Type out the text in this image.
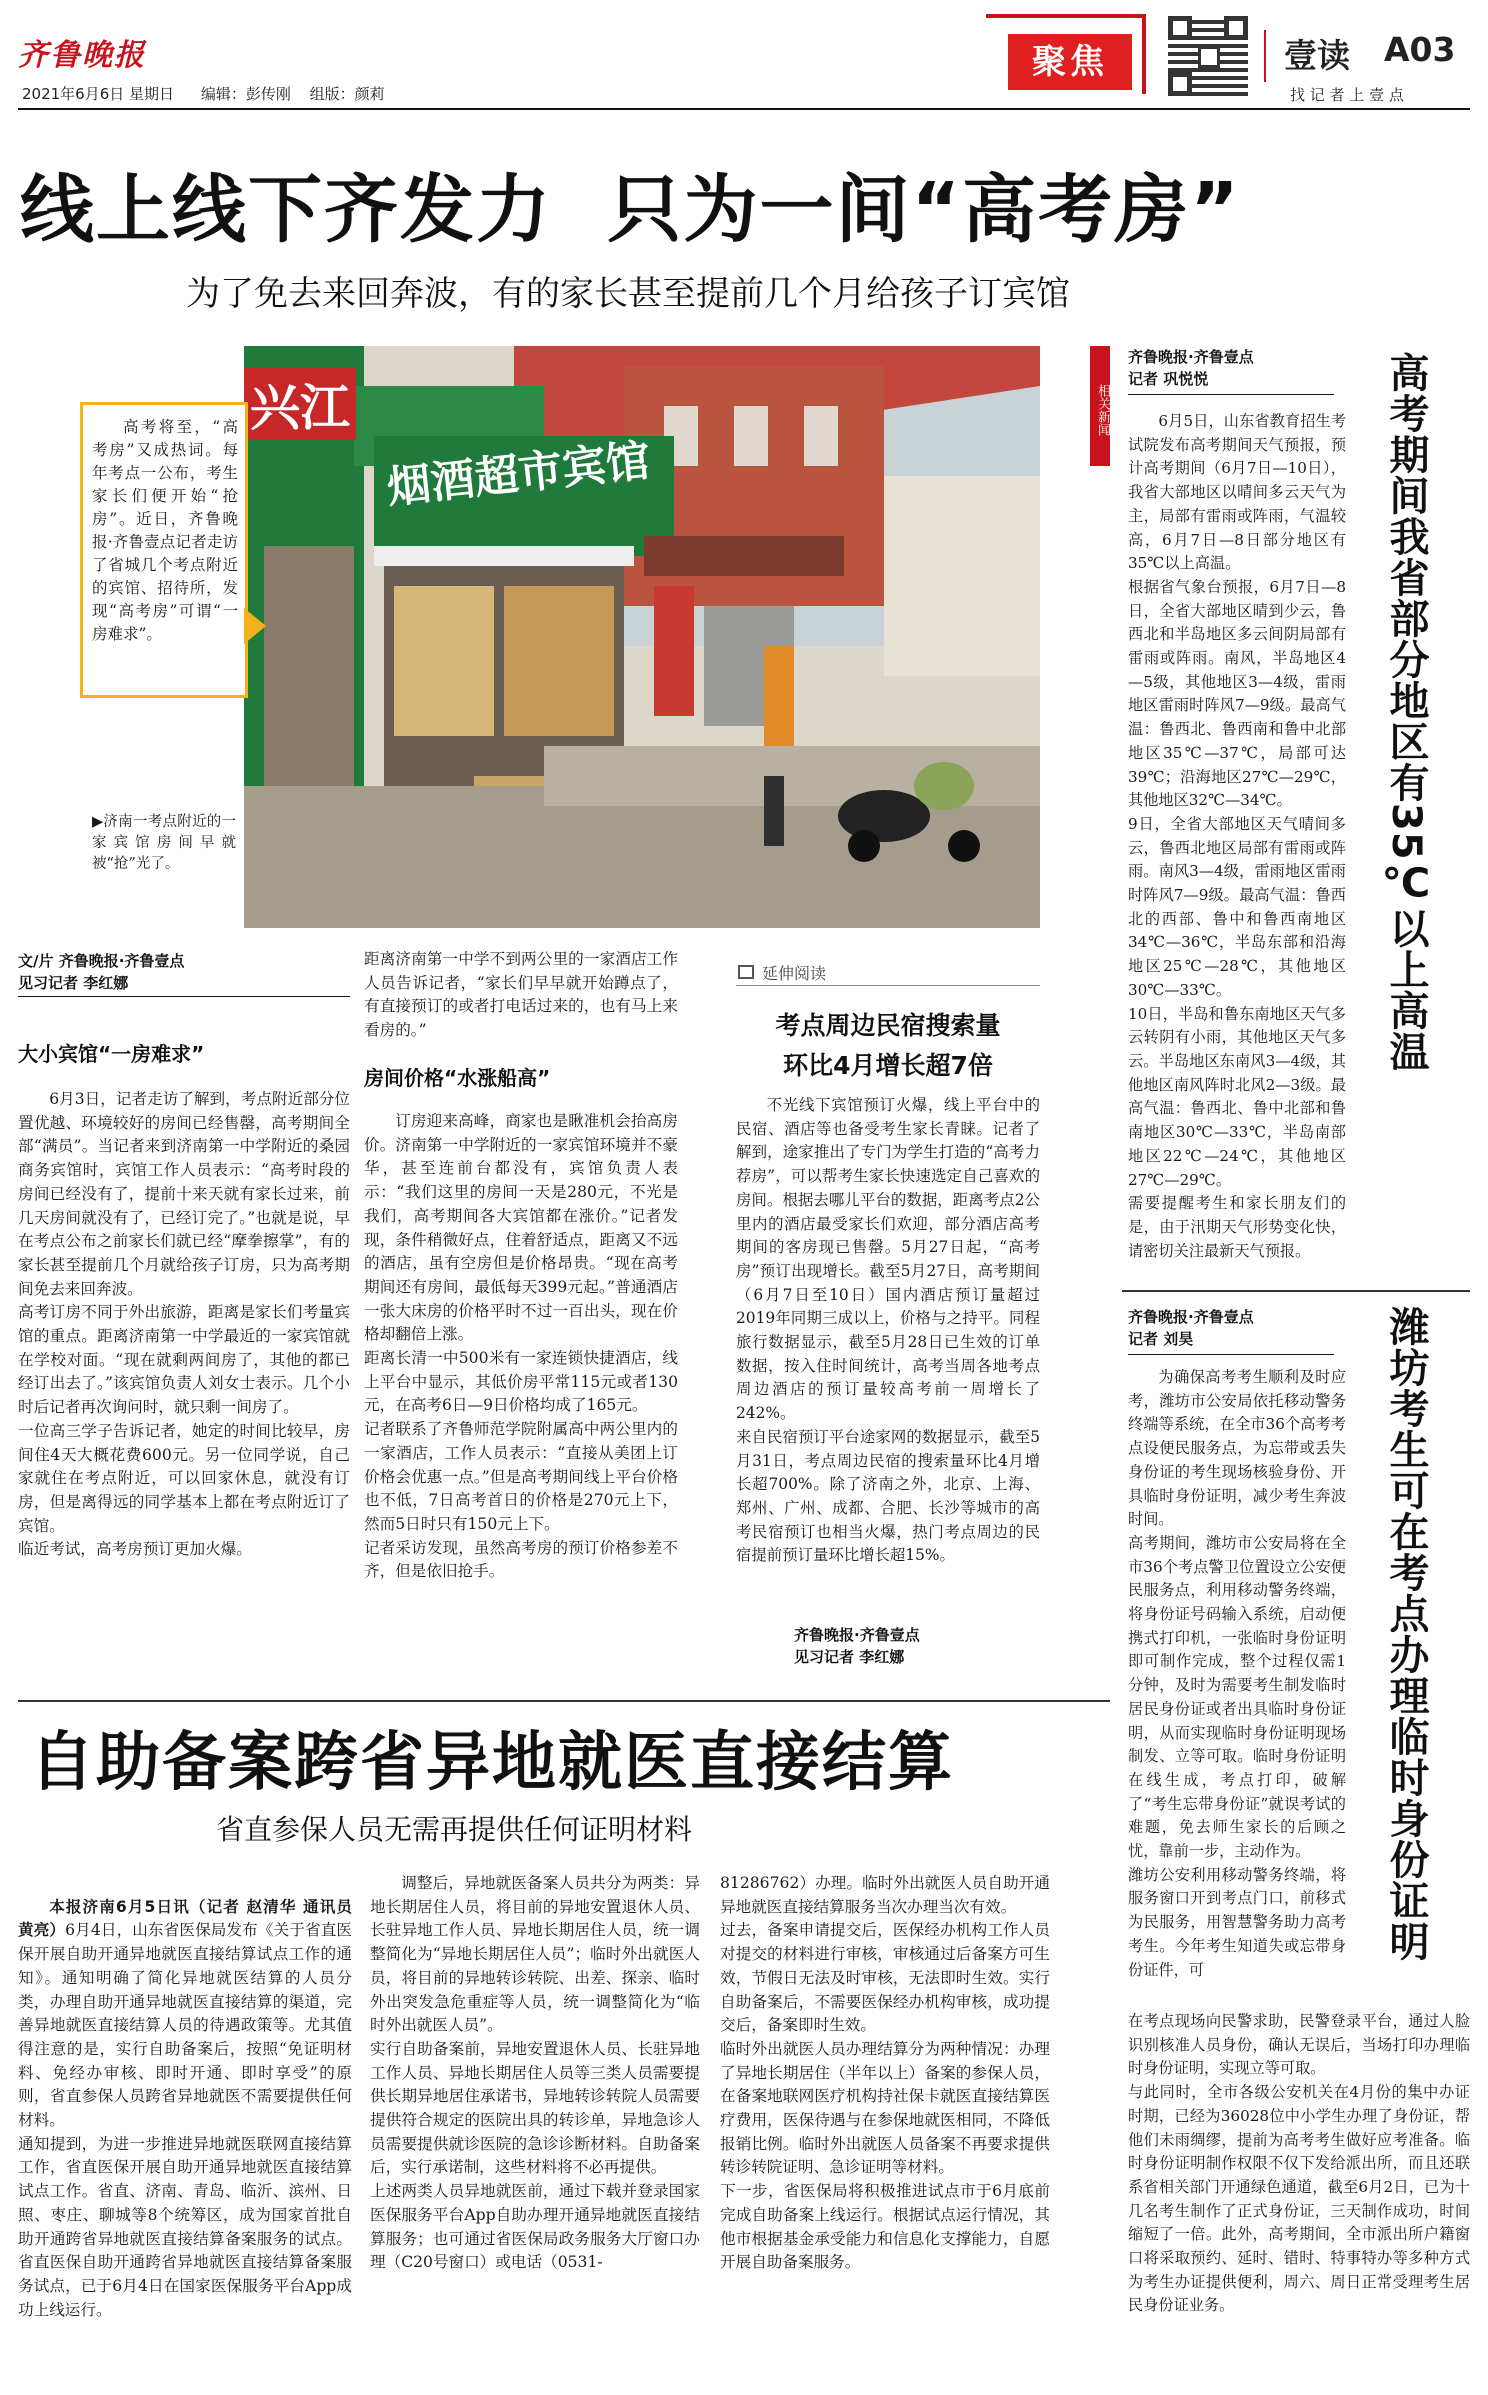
齐鲁晚报
2021年6月6日 星期日 编辑：彭传刚 组版：颜莉
聚焦	壹读 A03
找 记 者 上 壹 点
线上线下齐发力  只为一间“高考房”
为了免去来回奔波，有的家长甚至提前几个月给孩子订宾馆
烟酒超市宾馆
兴江
高考将至，“高考房”又成热词。每年考点一公布，考生家长们便开始“抢房”。近日，齐鲁晚报·齐鲁壹点记者走访了省城几个考点附近的宾馆、招待所，发现“高考房”可谓“一房难求”。
▶济南一考点附近的一家宾馆房间早就被“抢”光了。
文/片 齐鲁晚报·齐鲁壹点
见习记者 李红娜
大小宾馆“一房难求”
6月3日，记者走访了解到，考点附近部分位置优越、环境较好的房间已经售罄，高考期间全部“满员”。当记者来到济南第一中学附近的桑园商务宾馆时，宾馆工作人员表示：“高考时段的房间已经没有了，提前十来天就有家长过来，前几天房间就没有了，已经订完了。”也就是说，早在考点公布之前家长们就已经“摩拳擦掌”，有的家长甚至提前几个月就给孩子订房，只为高考期间免去来回奔波。
高考订房不同于外出旅游，距离是家长们考量宾馆的重点。距离济南第一中学最近的一家宾馆就在学校对面。“现在就剩两间房了，其他的都已经订出去了。”该宾馆负责人刘女士表示。几个小时后记者再次询问时，就只剩一间房了。
一位高三学子告诉记者，她定的时间比较早，房间住4天大概花费600元。另一位同学说，自己家就住在考点附近，可以回家休息，就没有订房，但是离得远的同学基本上都在考点附近订了宾馆。
临近考试，高考房预订更加火爆。
距离济南第一中学不到两公里的一家酒店工作人员告诉记者，“家长们早早就开始蹲点了，有直接预订的或者打电话过来的，也有马上来看房的。”
房间价格“水涨船高”
订房迎来高峰，商家也是瞅准机会抬高房价。济南第一中学附近的一家宾馆环境并不豪华，甚至连前台都没有，宾馆负责人表示：“我们这里的房间一天是280元，不光是我们，高考期间各大宾馆都在涨价。”记者发现，条件稍微好点，住着舒适点，距离又不远的酒店，虽有空房但是价格昂贵。“现在高考期间还有房间，最低每天399元起。”普通酒店一张大床房的价格平时不过一百出头，现在价格却翻倍上涨。
距离长清一中500米有一家连锁快捷酒店，线上平台中显示，其低价房平常115元或者130元，在高考6日—9日价格均成了165元。
记者联系了齐鲁师范学院附属高中两公里内的一家酒店，工作人员表示：“直接从美团上订价格会优惠一点。”但是高考期间线上平台价格也不低，7日高考首日的价格是270元上下，然而5日时只有150元上下。
记者采访发现，虽然高考房的预订价格参差不齐，但是依旧抢手。
延伸阅读
考点周边民宿搜索量
环比4月增长超7倍
不光线下宾馆预订火爆，线上平台中的民宿、酒店等也备受考生家长青睐。记者了解到，途家推出了专门为学生打造的“高考力荐房”，可以帮考生家长快速选定自己喜欢的房间。根据去哪儿平台的数据，距离考点2公里内的酒店最受家长们欢迎，部分酒店高考期间的客房现已售罄。5月27日起，“高考房”预订出现增长。截至5月27日，高考期间（6月7日至10日）国内酒店预订量超过2019年同期三成以上，价格与之持平。同程旅行数据显示，截至5月28日已生效的订单数据，按入住时间统计，高考当周各地考点周边酒店的预订量较高考前一周增长了242%。
来自民宿预订平台途家网的数据显示，截至5月31日，考点周边民宿的搜索量环比4月增长超700%。除了济南之外，北京、上海、郑州、广州、成都、合肥、长沙等城市的高考民宿预订也相当火爆，热门考点周边的民宿提前预订量环比增长超15%。
齐鲁晚报·齐鲁壹点
见习记者 李红娜
相关新闻
齐鲁晚报·齐鲁壹点
记者 巩悦悦	高考期间我省部分地区有35℃以上高温
6月5日，山东省教育招生考试院发布高考期间天气预报，预计高考期间（6月7日—10日），我省大部地区以晴间多云天气为主，局部有雷雨或阵雨，气温较高，6月7日—8日部分地区有35℃以上高温。
根据省气象台预报，6月7日—8日，全省大部地区晴到少云，鲁西北和半岛地区多云间阴局部有雷雨或阵雨。南风，半岛地区4—5级，其他地区3—4级，雷雨地区雷雨时阵风7—9级。最高气温：鲁西北、鲁西南和鲁中北部地区35℃—37℃，局部可达39℃；沿海地区27℃—29℃，其他地区32℃—34℃。
9日，全省大部地区天气晴间多云，鲁西北地区局部有雷雨或阵雨。南风3—4级，雷雨地区雷雨时阵风7—9级。最高气温：鲁西北的西部、鲁中和鲁西南地区34℃—36℃，半岛东部和沿海地区25℃—28℃，其他地区30℃—33℃。
10日，半岛和鲁东南地区天气多云转阴有小雨，其他地区天气多云。半岛地区东南风3—4级，其他地区南风阵时北风2—3级。最高气温：鲁西北、鲁中北部和鲁南地区30℃—33℃，半岛南部地区22℃—24℃，其他地区27℃—29℃。
需要提醒考生和家长朋友们的是，由于汛期天气形势变化快，请密切关注最新天气预报。
齐鲁晚报·齐鲁壹点
记者 刘昊	潍坊考生可在考点办理临时身份证明
为确保高考考生顺利及时应考，潍坊市公安局依托移动警务终端等系统，在全市36个高考考点设便民服务点，为忘带或丢失身份证的考生现场核验身份、开具临时身份证明，减少考生奔波时间。
高考期间，潍坊市公安局将在全市36个考点警卫位置设立公安便民服务点，利用移动警务终端，将身份证号码输入系统，启动便携式打印机，一张临时身份证明即可制作完成，整个过程仅需1分钟，及时为需要考生制发临时居民身份证或者出具临时身份证明，从而实现临时身份证明现场制发、立等可取。临时身份证明在线生成，考点打印，破解了“考生忘带身份证”就误考试的难题，免去师生家长的后顾之忧，靠前一步，主动作为。
潍坊公安利用移动警务终端，将服务窗口开到考点门口，前移式为民服务，用智慧警务助力高考考生。今年考生知道失或忘带身份证件，可
在考点现场向民警求助，民警登录平台，通过人脸识别核准人员身份，确认无误后，当场打印办理临时身份证明，实现立等可取。
与此同时，全市各级公安机关在4月份的集中办证时期，已经为36028位中小学生办理了身份证，帮他们未雨绸缪，提前为高考考生做好应考准备。临时身份证明制作权限不仅下发给派出所，而且还联系省相关部门开通绿色通道，截至6月2日，已为十几名考生制作了正式身份证，三天制作成功，时间缩短了一倍。此外，高考期间，全市派出所户籍窗口将采取预约、延时、错时、特事特办等多种方式为考生办证提供便利，周六、周日正常受理考生居民身份证业务。
自助备案跨省异地就医直接结算
省直参保人员无需再提供任何证明材料

本报济南6月5日讯（记者 赵清华 通讯员 黄亮）6月4日，山东省医保局发布《关于省直医保开展自助开通异地就医直接结算试点工作的通知》。通知明确了简化异地就医结算的人员分类，办理自助开通异地就医直接结算的渠道，完善异地就医直接结算人员的待遇政策等。尤其值得注意的是，实行自助备案后，按照“免证明材料、免经办审核、即时开通、即时享受”的原则，省直参保人员跨省异地就医不需要提供任何材料。
通知提到，为进一步推进异地就医联网直接结算工作，省直医保开展自助开通异地就医直接结算试点工作。省直、济南、青岛、临沂、滨州、日照、枣庄、聊城等8个统筹区，成为国家首批自助开通跨省异地就医直接结算备案服务的试点。省直医保自助开通跨省异地就医直接结算备案服务试点，已于6月4日在国家医保服务平台App成功上线运行。

调整后，异地就医备案人员共分为两类：异地长期居住人员，将目前的异地安置退休人员、长驻异地工作人员、异地长期居住人员，统一调整简化为“异地长期居住人员”；临时外出就医人员，将目前的异地转诊转院、出差、探亲、临时外出突发急危重症等人员，统一调整简化为“临时外出就医人员”。
实行自助备案前，异地安置退休人员、长驻异地工作人员、异地长期居住人员等三类人员需要提供长期异地居住承诺书，异地转诊转院人员需要提供符合规定的医院出具的转诊单，异地急诊人员需要提供就诊医院的急诊诊断材料。自助备案后，实行承诺制，这些材料将不必再提供。
上述两类人员异地就医前，通过下载并登录国家医保服务平台App自助办理开通异地就医直接结算服务；也可通过省医保局政务服务大厅窗口办理（C20号窗口）或电话（0531-
81286762）办理。临时外出就医人员自助开通异地就医直接结算服务当次办理当次有效。
过去，备案申请提交后，医保经办机构工作人员对提交的材料进行审核，审核通过后备案方可生效，节假日无法及时审核，无法即时生效。实行自助备案后，不需要医保经办机构审核，成功提交后，备案即时生效。
临时外出就医人员办理结算分为两种情况：办理了异地长期居住（半年以上）备案的参保人员，在备案地联网医疗机构持社保卡就医直接结算医疗费用，医保待遇与在参保地就医相同，不降低报销比例。临时外出就医人员备案不再要求提供转诊转院证明、急诊证明等材料。
下一步，省医保局将积极推进试点市于6月底前完成自助备案上线运行。根据试点运行情况，其他市根据基金承受能力和信息化支撑能力，自愿开展自助备案服务。
